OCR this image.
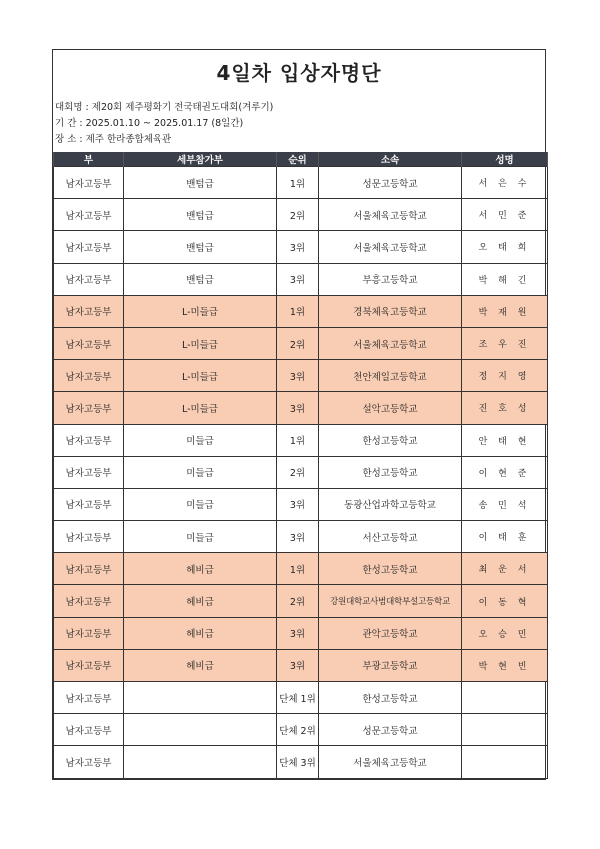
4일차 입상자명단
대회명 : 제20회 제주평화기 전국태권도대회(겨루기)
기 간 : 2025.01.10 ~ 2025.01.17 (8일간)
장 소 : 제주 한라종합체육관
부	세부참가부	순위	소속	성명
남자고등부	밴텀급	1위	성문고등학교	서 은 수
남자고등부	밴텀급	2위	서울체육고등학교	서 민 준
남자고등부	밴텀급	3위	서울체육고등학교	오 태 희
남자고등부	밴텀급	3위	부흥고등학교	박 해 긴
남자고등부	L-미들급	1위	경북체육고등학교	박 재 원
남자고등부	L-미들급	2위	서울체육고등학교	조 우 진
남자고등부	L-미들급	3위	천안제일고등학교	정 지 영
남자고등부	L-미들급	3위	설악고등학교	진 호 성
남자고등부	미들급	1위	한성고등학교	안 태 현
남자고등부	미들급	2위	한성고등학교	이 현 준
남자고등부	미들급	3위	동광산업과학고등학교	송 민 석
남자고등부	미들급	3위	서산고등학교	이 태 훈
남자고등부	헤비급	1위	한성고등학교	최 운 서
남자고등부	헤비급	2위	강원대학교사범대학부설고등학교	이 동 혁
남자고등부	헤비급	3위	관악고등학교	오 승 민
남자고등부	헤비급	3위	부광고등학교	박 현 빈
남자고등부		단체 1위	한성고등학교	
남자고등부		단체 2위	성문고등학교	
남자고등부		단체 3위	서울체육고등학교	
